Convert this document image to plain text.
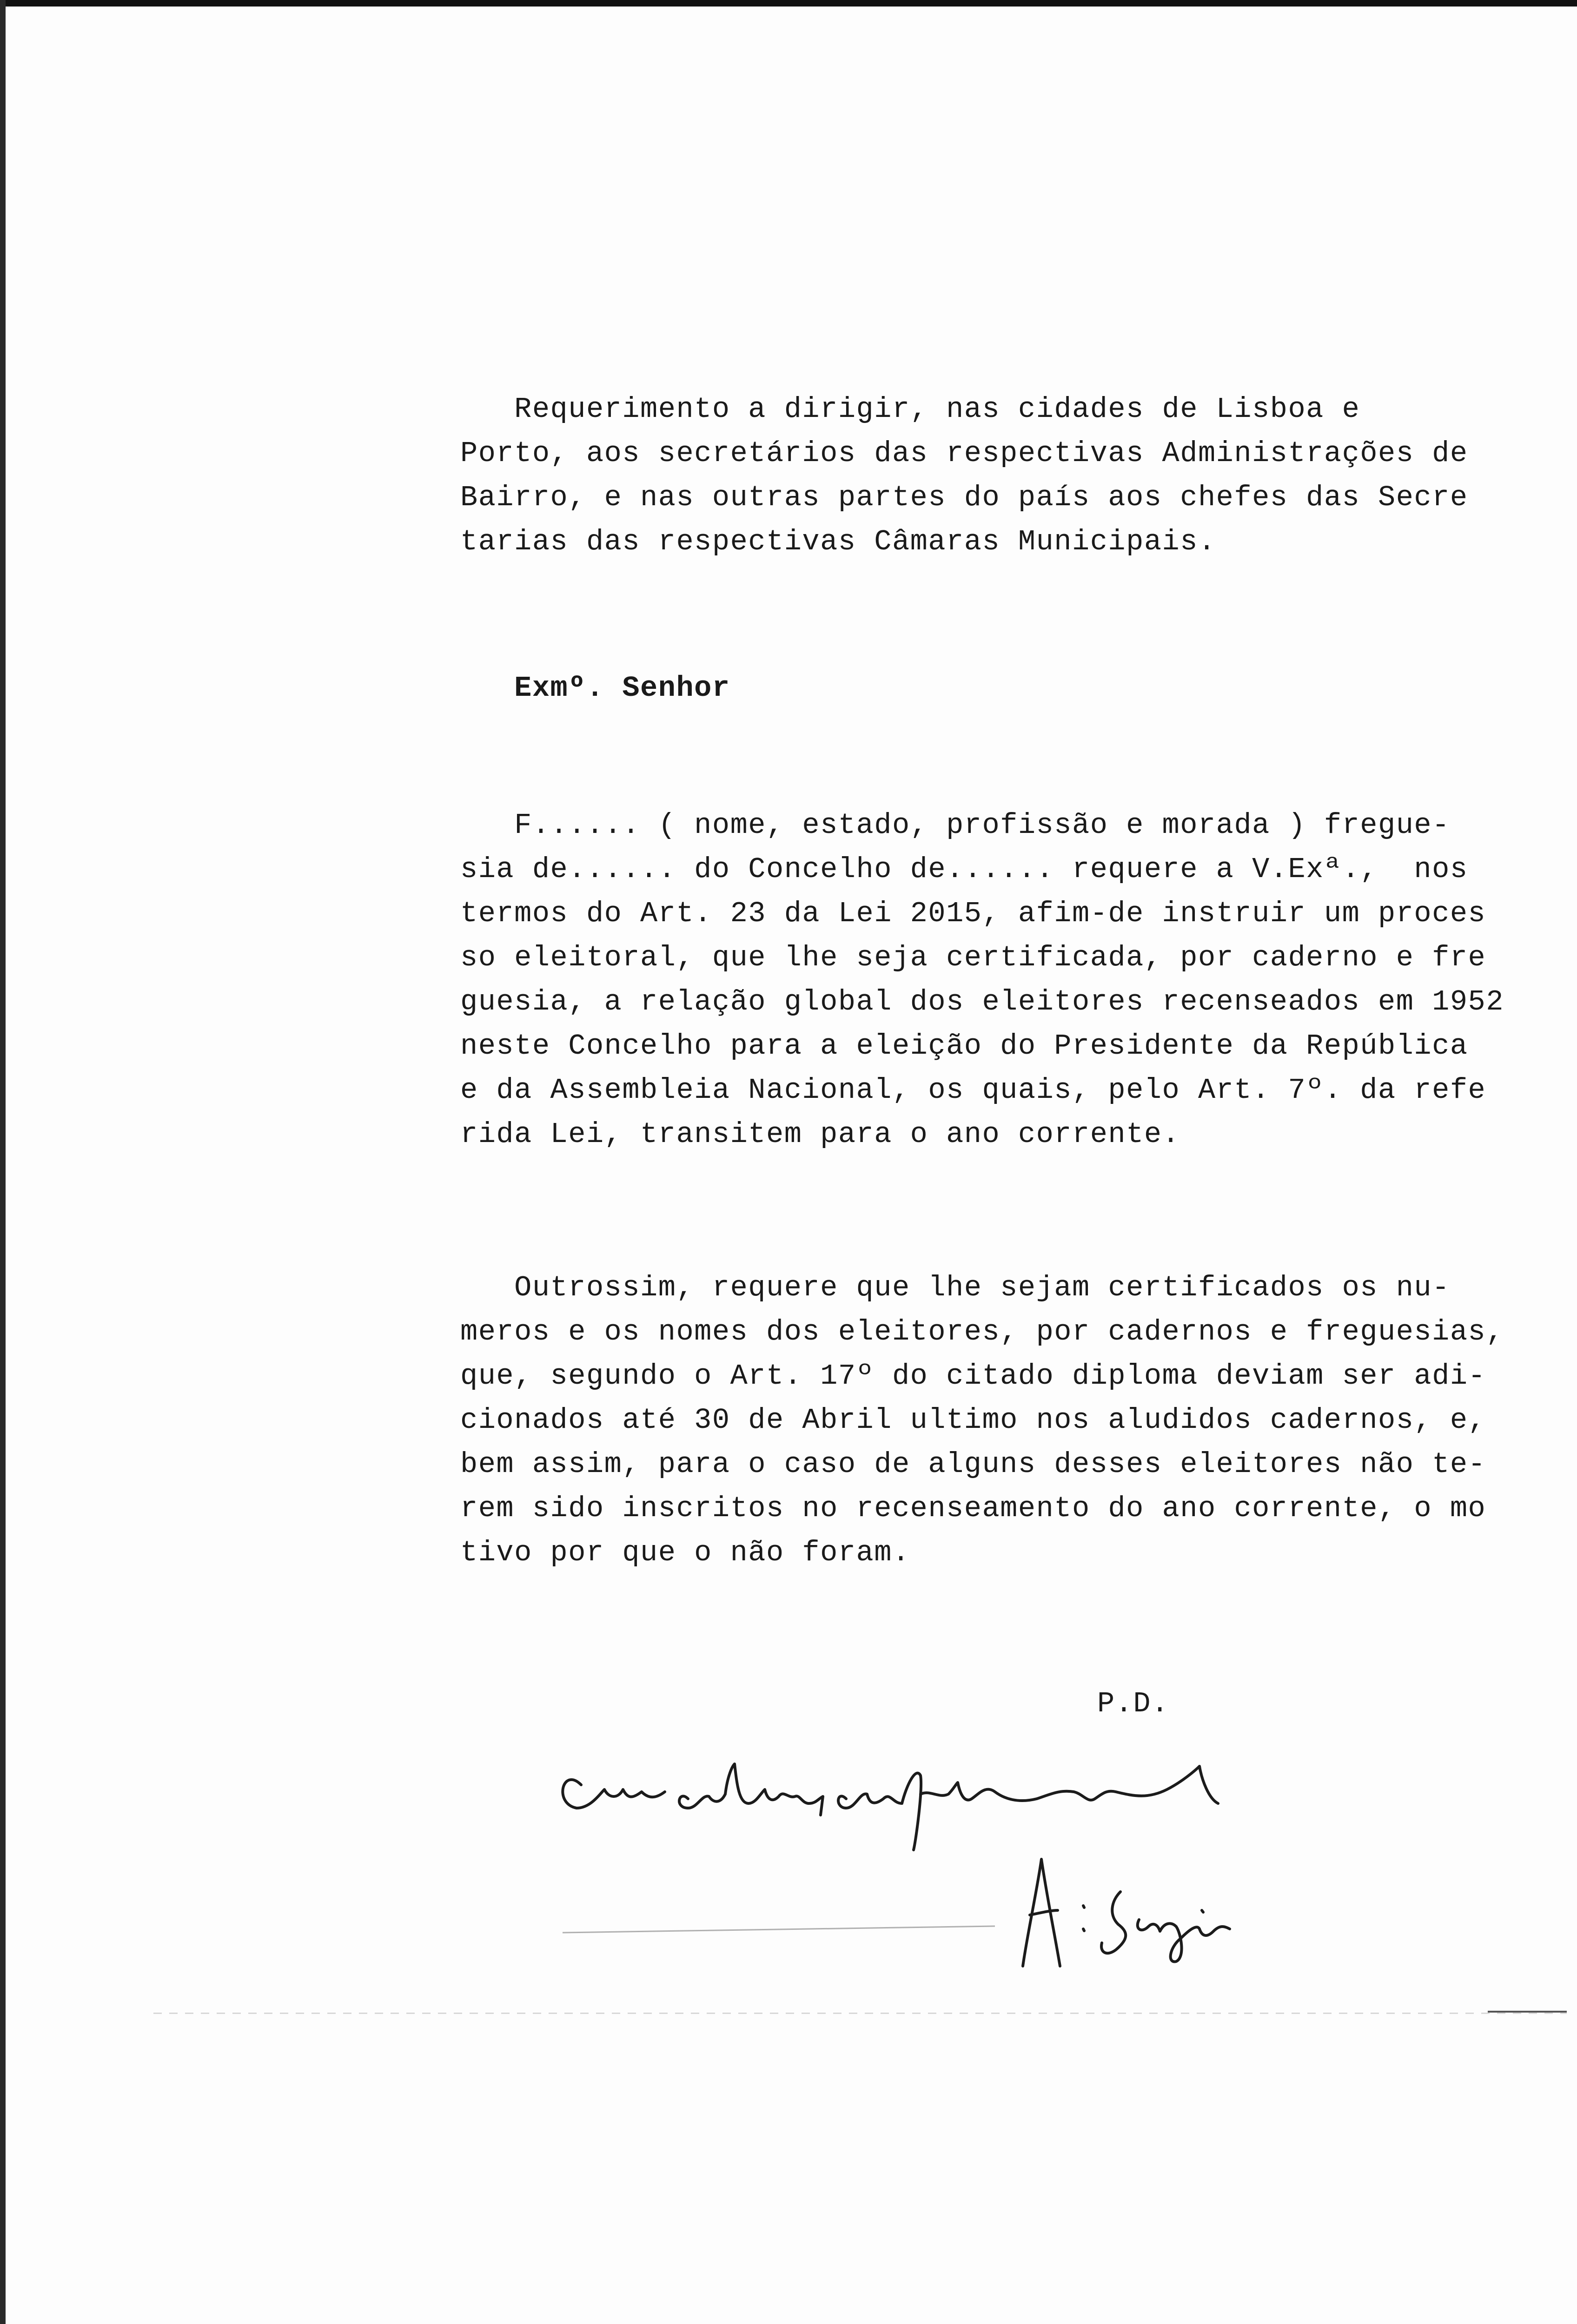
Requerimento a dirigir, nas cidades de Lisboa e
Porto, aos secretários das respectivas Administrações de
Bairro, e nas outras partes do país aos chefes das Secre
tarias das respectivas Câmaras Municipais.
Exmº. Senhor
F...... ( nome, estado, profissão e morada ) fregue-
sia de...... do Concelho de...... requere a V.Exª.,  nos
termos do Art. 23 da Lei 2015, afim-de instruir um proces
so eleitoral, que lhe seja certificada, por caderno e fre
guesia, a relação global dos eleitores recenseados em 1952
neste Concelho para a eleição do Presidente da República
e da Assembleia Nacional, os quais, pelo Art. 7º. da refe
rida Lei, transitem para o ano corrente.
Outrossim, requere que lhe sejam certificados os nu-
meros e os nomes dos eleitores, por cadernos e freguesias,
que, segundo o Art. 17º do citado diploma deviam ser adi-
cionados até 30 de Abril ultimo nos aludidos cadernos, e,
bem assim, para o caso de alguns desses eleitores não te-
rem sido inscritos no recenseamento do ano corrente, o mo
tivo por que o não foram.
P.D.
